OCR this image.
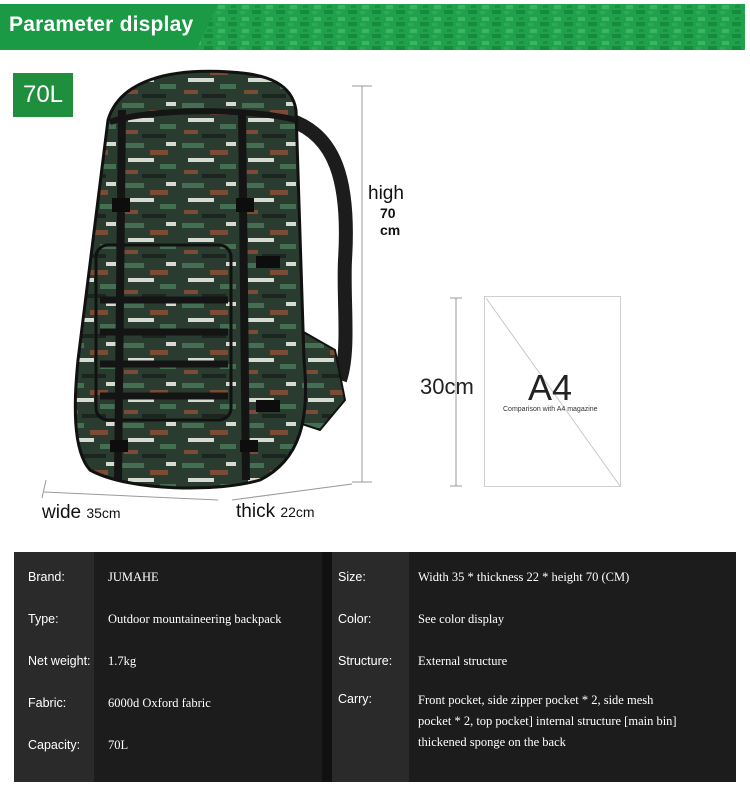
Parameter display
70L
high
70
cm
wide 35cm	thick 22cm
A4
Comparison with A4 magazine
30cm
Brand:	JUMAHE
Type:	Outdoor mountaineering backpack
Net weight: 1.7kg
Fabric:	6000d Oxford fabric
Capacity: 70L
Size:	Width 35 * thickness 22 * height 70 (CM)
Color:	See color display
Structure: External structure
Carry:	Front pocket, side zipper pocket * 2, side mesh
pocket * 2, top pocket] internal structure [main bin]
thickened sponge on the back
